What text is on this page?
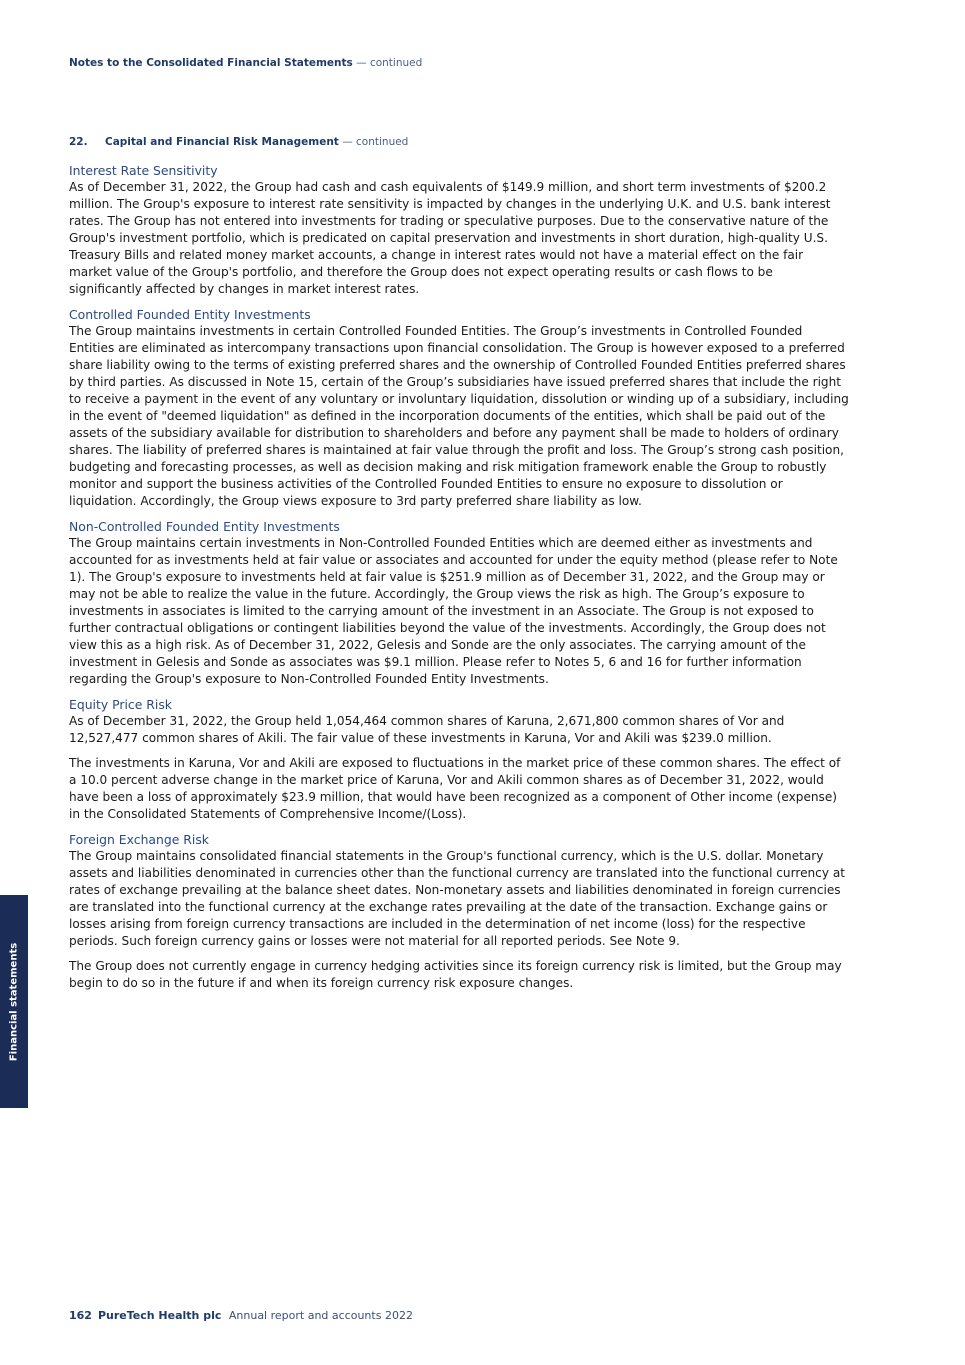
Notes to the Consolidated Financial Statements — continued
22. Capital and Financial Risk Management — continued
Interest Rate Sensitivity

As of December 31, 2022, the Group had cash and cash equivalents of $149.9 million, and short term investments of $200.2 million. The Group's exposure to interest rate sensitivity is impacted by changes in the underlying U.K. and U.S. bank interest rates. The Group has not entered into investments for trading or speculative purposes. Due to the conservative nature of the Group's investment portfolio, which is predicated on capital preservation and investments in short duration, high-quality U.S. Treasury Bills and related money market accounts, a change in interest rates would not have a material effect on the fair market value of the Group's portfolio, and therefore the Group does not expect operating results or cash flows to be significantly affected by changes in market interest rates.

Controlled Founded Entity Investments

The Group maintains investments in certain Controlled Founded Entities. The Group’s investments in Controlled Founded Entities are eliminated as intercompany transactions upon financial consolidation. The Group is however exposed to a preferred share liability owing to the terms of existing preferred shares and the ownership of Controlled Founded Entities preferred shares by third parties. As discussed in Note 15, certain of the Group’s subsidiaries have issued preferred shares that include the right to receive a payment in the event of any voluntary or involuntary liquidation, dissolution or winding up of a subsidiary, including in the event of "deemed liquidation" as defined in the incorporation documents of the entities, which shall be paid out of the assets of the subsidiary available for distribution to shareholders and before any payment shall be made to holders of ordinary shares. The liability of preferred shares is maintained at fair value through the profit and loss. The Group’s strong cash position, budgeting and forecasting processes, as well as decision making and risk mitigation framework enable the Group to robustly monitor and support the business activities of the Controlled Founded Entities to ensure no exposure to dissolution or liquidation. Accordingly, the Group views exposure to 3rd party preferred share liability as low.

Non-Controlled Founded Entity Investments

The Group maintains certain investments in Non-Controlled Founded Entities which are deemed either as investments and accounted for as investments held at fair value or associates and accounted for under the equity method (please refer to Note 1). The Group's exposure to investments held at fair value is $251.9 million as of December 31, 2022, and the Group may or may not be able to realize the value in the future. Accordingly, the Group views the risk as high. The Group’s exposure to investments in associates is limited to the carrying amount of the investment in an Associate. The Group is not exposed to further contractual obligations or contingent liabilities beyond the value of the investments. Accordingly, the Group does not view this as a high risk. As of December 31, 2022, Gelesis and Sonde are the only associates. The carrying amount of the investment in Gelesis and Sonde as associates was $9.1 million. Please refer to Notes 5, 6 and 16 for further information regarding the Group's exposure to Non-Controlled Founded Entity Investments.

Equity Price Risk

As of December 31, 2022, the Group held 1,054,464 common shares of Karuna, 2,671,800 common shares of Vor and 12,527,477 common shares of Akili. The fair value of these investments in Karuna, Vor and Akili was $239.0 million.

The investments in Karuna, Vor and Akili are exposed to fluctuations in the market price of these common shares. The effect of a 10.0 percent adverse change in the market price of Karuna, Vor and Akili common shares as of December 31, 2022, would have been a loss of approximately $23.9 million, that would have been recognized as a component of Other income (expense) in the Consolidated Statements of Comprehensive Income/(Loss).

Foreign Exchange Risk

The Group maintains consolidated financial statements in the Group's functional currency, which is the U.S. dollar. Monetary assets and liabilities denominated in currencies other than the functional currency are translated into the functional currency at rates of exchange prevailing at the balance sheet dates. Non-monetary assets and liabilities denominated in foreign currencies are translated into the functional currency at the exchange rates prevailing at the date of the transaction. Exchange gains or losses arising from foreign currency transactions are included in the determination of net income (loss) for the respective periods. Such foreign currency gains or losses were not material for all reported periods. See Note 9.

The Group does not currently engage in currency hedging activities since its foreign currency risk is limited, but the Group may begin to do so in the future if and when its foreign currency risk exposure changes.

Financial statements
162 PureTech Health plc Annual report and accounts 2022
